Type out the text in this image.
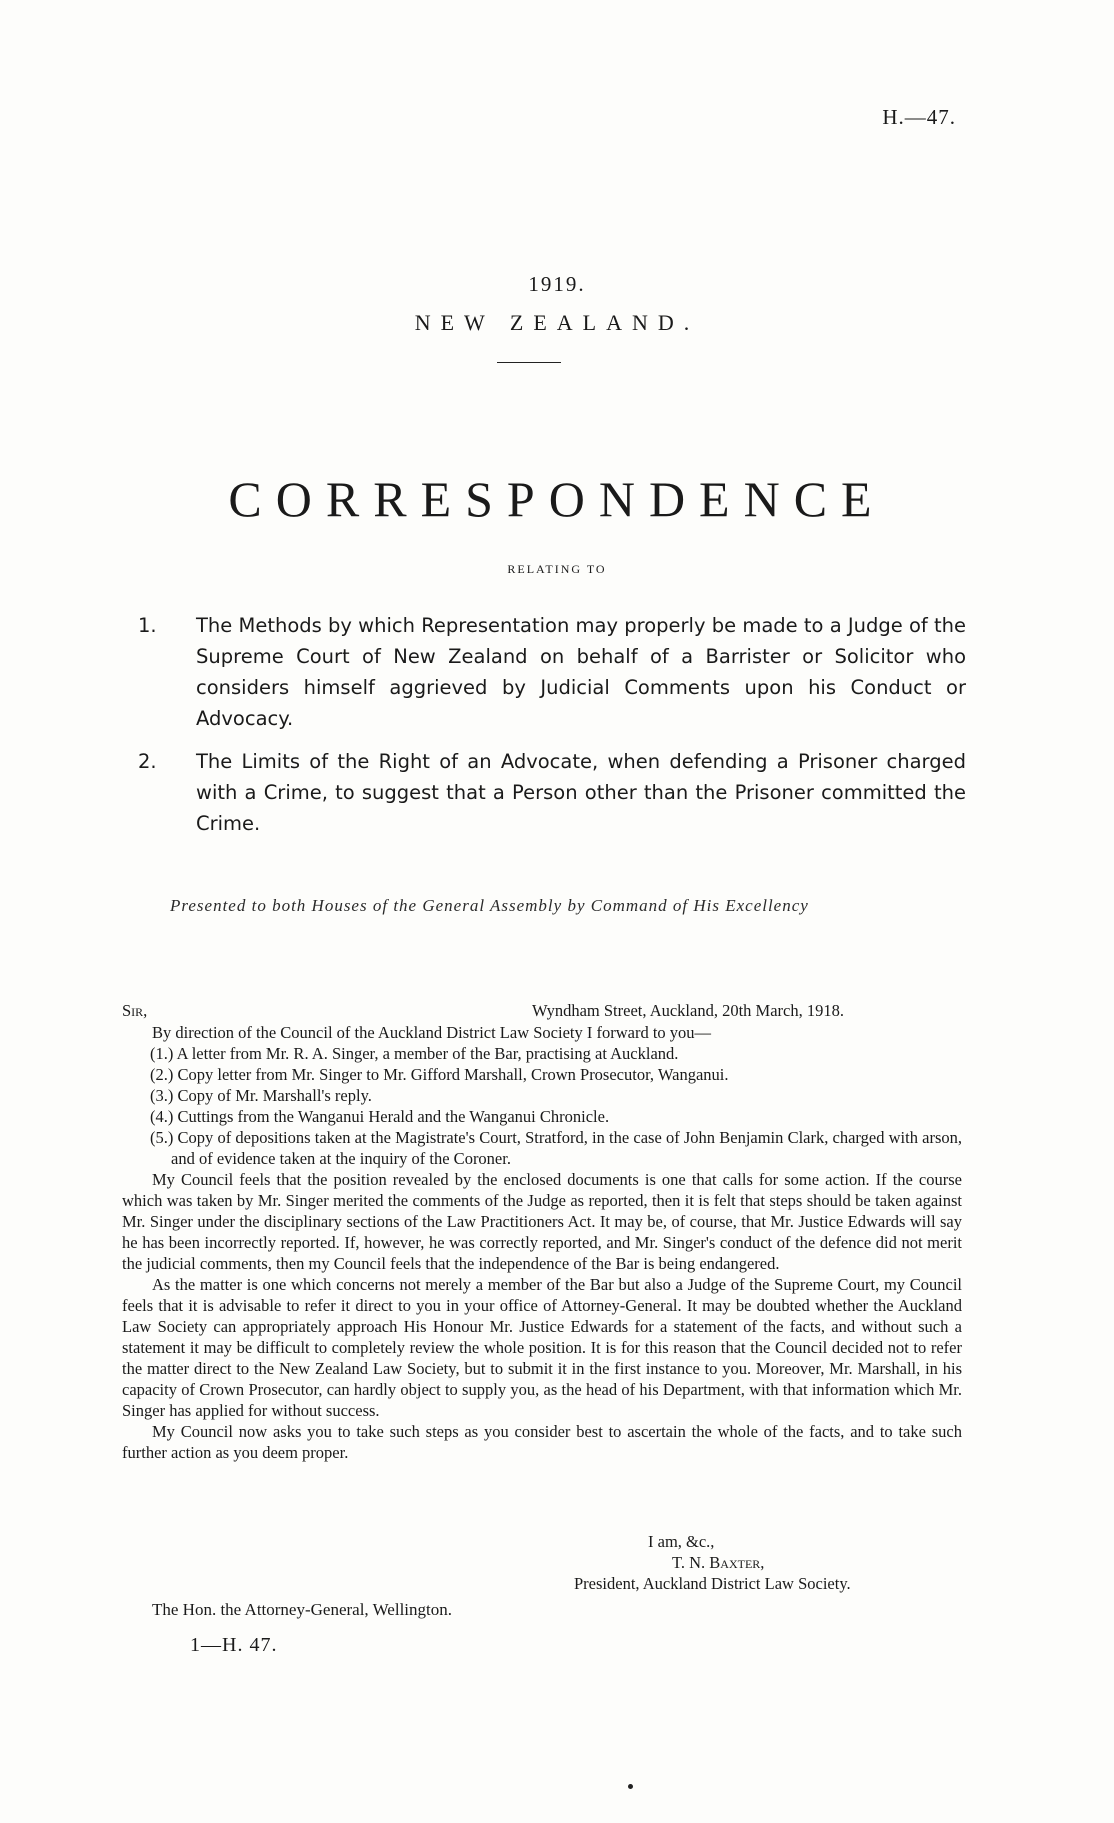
H.—47.
1919.
NEW ZEALAND.
CORRESPONDENCE
RELATING TO
1. The Methods by which Representation may properly be made to a Judge of the Supreme Court of New Zealand on behalf of a Barrister or Solicitor who considers himself aggrieved by Judicial Comments upon his Conduct or Advocacy.
2. The Limits of the Right of an Advocate, when defending a Prisoner charged with a Crime, to suggest that a Person other than the Prisoner committed the Crime.
Presented to both Houses of the General Assembly by Command of His Excellency
Sir,	Wyndham Street, Auckland, 20th March, 1918.

By direction of the Council of the Auckland District Law Society I forward to you—

(1.) A letter from Mr. R. A. Singer, a member of the Bar, practising at Auckland.

(2.) Copy letter from Mr. Singer to Mr. Gifford Marshall, Crown Prosecutor, Wanganui.

(3.) Copy of Mr. Marshall's reply.

(4.) Cuttings from the Wanganui Herald and the Wanganui Chronicle.

(5.) Copy of depositions taken at the Magistrate's Court, Stratford, in the case of John Benjamin Clark, charged with arson, and of evidence taken at the inquiry of the Coroner.

My Council feels that the position revealed by the enclosed documents is one that calls for some action. If the course which was taken by Mr. Singer merited the comments of the Judge as reported, then it is felt that steps should be taken against Mr. Singer under the disciplinary sections of the Law Practitioners Act. It may be, of course, that Mr. Justice Edwards will say he has been incorrectly reported. If, however, he was correctly reported, and Mr. Singer's conduct of the defence did not merit the judicial comments, then my Council feels that the independence of the Bar is being endangered.

As the matter is one which concerns not merely a member of the Bar but also a Judge of the Supreme Court, my Council feels that it is advisable to refer it direct to you in your office of Attorney-General. It may be doubted whether the Auckland Law Society can appropriately approach His Honour Mr. Justice Edwards for a statement of the facts, and without such a statement it may be difficult to completely review the whole position. It is for this reason that the Council decided not to refer the matter direct to the New Zealand Law Society, but to submit it in the first instance to you. Moreover, Mr. Marshall, in his capacity of Crown Prosecutor, can hardly object to supply you, as the head of his Department, with that information which Mr. Singer has applied for without success.

My Council now asks you to take such steps as you consider best to ascertain the whole of the facts, and to take such further action as you deem proper.

I am, &c.,
T. N. Baxter,
President, Auckland District Law Society.
The Hon. the Attorney-General, Wellington.
1—H. 47.
